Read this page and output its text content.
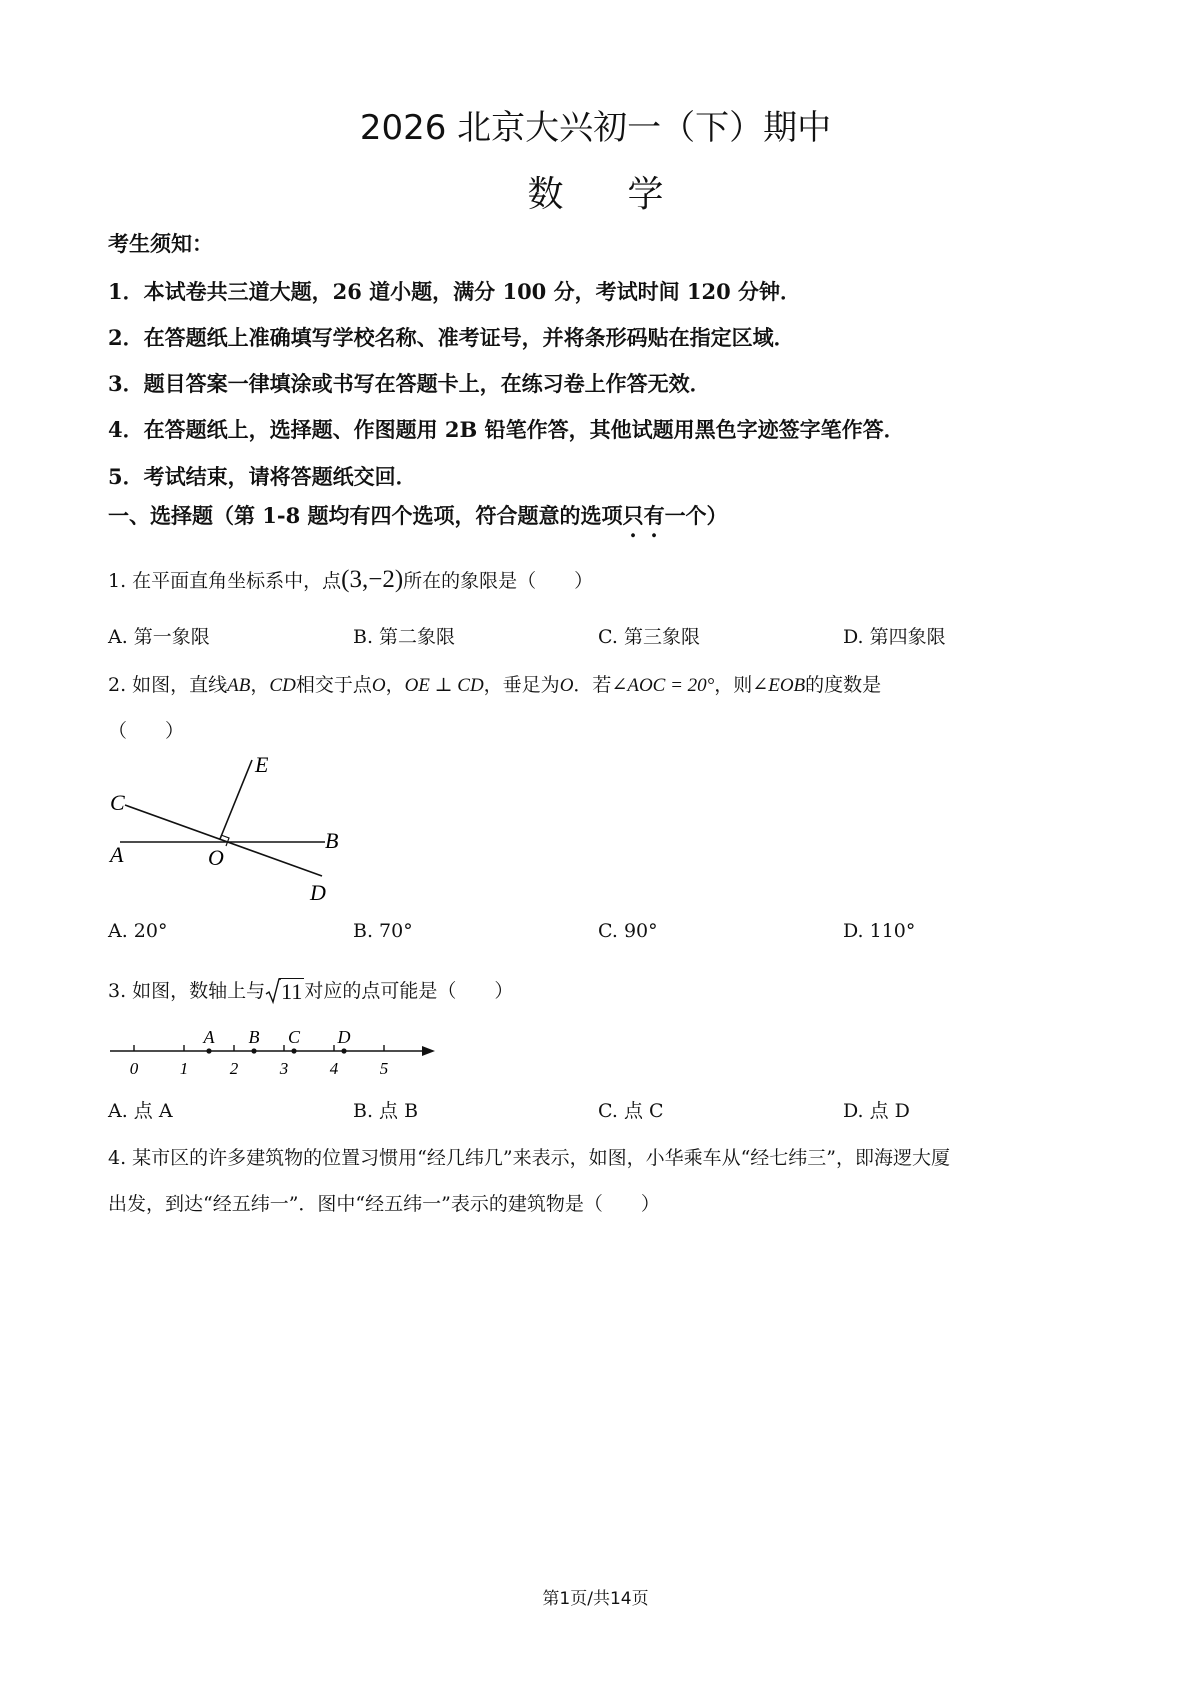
2026 北京大兴初一（下）期中
数学
考生须知：
1．本试卷共三道大题，26 道小题，满分 100 分，考试时间 120 分钟．
2．在答题纸上准确填写学校名称、准考证号，并将条形码贴在指定区域．
3．题目答案一律填涂或书写在答题卡上，在练习卷上作答无效．
4．在答题纸上，选择题、作图题用 2B 铅笔作答，其他试题用黑色字迹签字笔作答．
5．考试结束，请将答题纸交回．
一、选择题（第 1-8 题均有四个选项，符合题意的选项只有一个）
1. 在平面直角坐标系中，点(3,−2)所在的象限是（　　）
A. 第一象限	B. 第二象限	C. 第三象限	D. 第四象限
2. 如图，直线AB，CD相交于点O，OE ⊥ CD，垂足为O．若∠AOC = 20°，则∠EOB的度数是
（　　）
E
C
B
A	O
D
A. 20°	B. 70°	C. 90°	D. 110°
3. 如图，数轴上与 11 对应的点可能是（　　）
0 1 2 3 4 5
A B C D
A. 点 A	B. 点 B	C. 点 C	D. 点 D
4. 某市区的许多建筑物的位置习惯用“经几纬几”来表示，如图，小华乘车从“经七纬三”，即海逻大厦
出发，到达“经五纬一”．图中“经五纬一”表示的建筑物是（　　）
第1页/共14页
